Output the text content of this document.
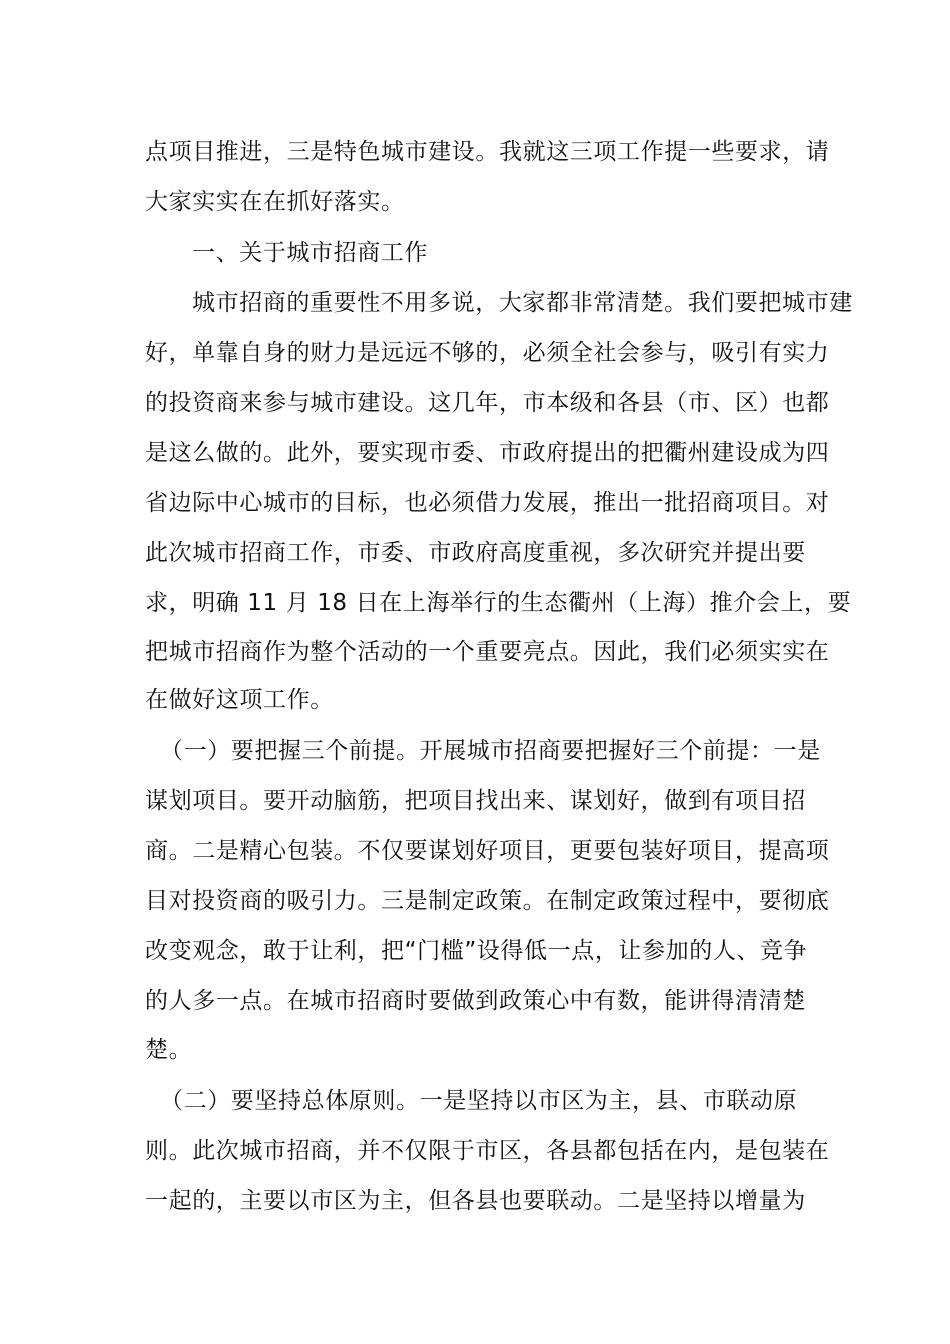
点项目推进，三是特色城市建设。我就这三项工作提一些要求，请
大家实实在在抓好落实。
一、关于城市招商工作
城市招商的重要性不用多说，大家都非常清楚。我们要把城市建
好，单靠自身的财力是远远不够的，必须全社会参与，吸引有实力
的投资商来参与城市建设。这几年，市本级和各县（市、区）也都
是这么做的。此外，要实现市委、市政府提出的把衢州建设成为四
省边际中心城市的目标，也必须借力发展，推出一批招商项目。对
此次城市招商工作，市委、市政府高度重视，多次研究并提出要
求，明确 11 月 18 日在上海举行的生态衢州（上海）推介会上，要
把城市招商作为整个活动的一个重要亮点。因此，我们必须实实在
在做好这项工作。
（一）要把握三个前提。开展城市招商要把握好三个前提：一是
谋划项目。要开动脑筋，把项目找出来、谋划好，做到有项目招
商。二是精心包装。不仅要谋划好项目，更要包装好项目，提高项
目对投资商的吸引力。三是制定政策。在制定政策过程中，要彻底
改变观念，敢于让利，把“门槛”设得低一点，让参加的人、竞争
的人多一点。在城市招商时要做到政策心中有数，能讲得清清楚
楚。
（二）要坚持总体原则。一是坚持以市区为主，县、市联动原
则。此次城市招商，并不仅限于市区，各县都包括在内，是包装在
一起的，主要以市区为主，但各县也要联动。二是坚持以增量为
